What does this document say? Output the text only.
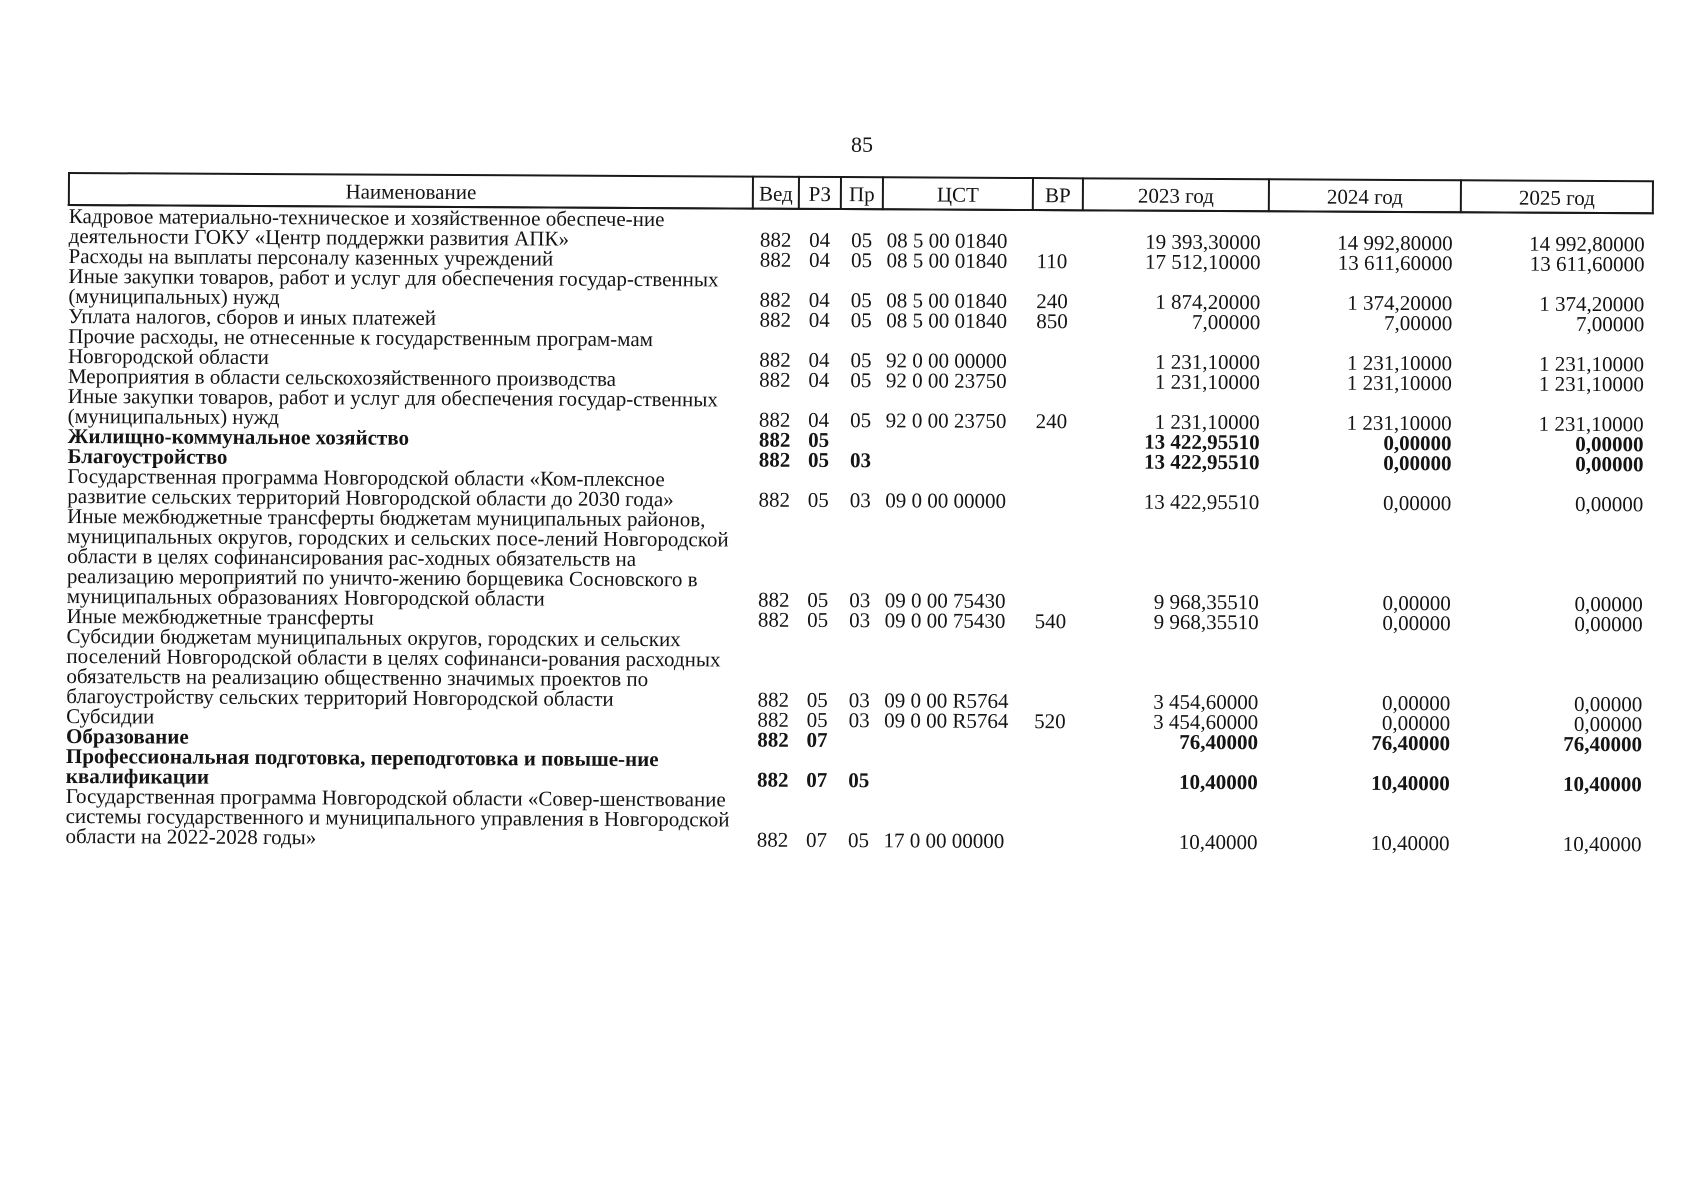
85
Наименование	Вед	РЗ	Пр	ЦСТ	ВР	2023 год	2024 год	2025 год
Кадровое материально-техническое и хозяйственное обеспече-ние деятельности ГОКУ «Центр поддержки развития АПК»	882	04	05	08 5 00 01840		19 393,30000	14 992,80000	14 992,80000
Расходы на выплаты персоналу казенных учреждений	882	04	05	08 5 00 01840	110	17 512,10000	13 611,60000	13 611,60000
Иные закупки товаров, работ и услуг для обеспечения государ-ственных (муниципальных) нужд	882	04	05	08 5 00 01840	240	1 874,20000	1 374,20000	1 374,20000
Уплата налогов, сборов и иных платежей	882	04	05	08 5 00 01840	850	7,00000	7,00000	7,00000
Прочие расходы, не отнесенные к государственным програм-мам Новгородской области	882	04	05	92 0 00 00000		1 231,10000	1 231,10000	1 231,10000
Мероприятия в области сельскохозяйственного производства	882	04	05	92 0 00 23750		1 231,10000	1 231,10000	1 231,10000
Иные закупки товаров, работ и услуг для обеспечения государ-ственных (муниципальных) нужд	882	04	05	92 0 00 23750	240	1 231,10000	1 231,10000	1 231,10000
Жилищно-коммунальное хозяйство	882	05				13 422,95510	0,00000	0,00000
Благоустройство	882	05	03			13 422,95510	0,00000	0,00000
Государственная программа Новгородской области «Ком-плексное развитие сельских территорий Новгородской области до 2030 года»	882	05	03	09 0 00 00000		13 422,95510	0,00000	0,00000
Иные межбюджетные трансферты бюджетам муниципальных районов, муниципальных округов, городских и сельских посе-лений Новгородской области в целях софинансирования рас-ходных обязательств на реализацию мероприятий по уничто-жению борщевика Сосновского в муниципальных образованиях Новгородской области	882	05	03	09 0 00 75430		9 968,35510	0,00000	0,00000
Иные межбюджетные трансферты	882	05	03	09 0 00 75430	540	9 968,35510	0,00000	0,00000
Субсидии бюджетам муниципальных округов, городских и сельских поселений Новгородской области в целях софинанси-рования расходных обязательств на реализацию общественно значимых проектов по благоустройству сельских территорий Новгородской области	882	05	03	09 0 00 R5764		3 454,60000	0,00000	0,00000
Субсидии	882	05	03	09 0 00 R5764	520	3 454,60000	0,00000	0,00000
Образование	882	07				76,40000	76,40000	76,40000
Профессиональная подготовка, переподготовка и повыше-ние квалификации	882	07	05			10,40000	10,40000	10,40000
Государственная программа Новгородской области «Совер-шенствование системы государственного и муниципального управления в Новгородской области на 2022-2028 годы»	882	07	05	17 0 00 00000		10,40000	10,40000	10,40000
